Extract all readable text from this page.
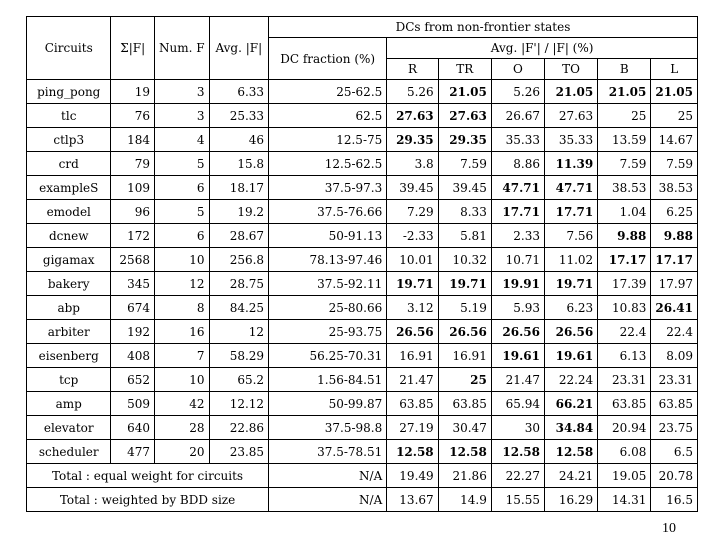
Circuits	Σ|F|	Num. F	Avg. |F|	DCs from non-frontier states						
				DC fraction (%)	Avg. |F'| / |F| (%)					
					R	TR	O	TO	B	L
ping_pong	19	3	6.33	25-62.5	5.26	21.05	5.26	21.05	21.05	21.05
tlc	76	3	25.33	62.5	27.63	27.63	26.67	27.63	25	25
ctlp3	184	4	46	12.5-75	29.35	29.35	35.33	35.33	13.59	14.67
crd	79	5	15.8	12.5-62.5	3.8	7.59	8.86	11.39	7.59	7.59
exampleS	109	6	18.17	37.5-97.3	39.45	39.45	47.71	47.71	38.53	38.53
emodel	96	5	19.2	37.5-76.66	7.29	8.33	17.71	17.71	1.04	6.25
dcnew	172	6	28.67	50-91.13	-2.33	5.81	2.33	7.56	9.88	9.88
gigamax	2568	10	256.8	78.13-97.46	10.01	10.32	10.71	11.02	17.17	17.17
bakery	345	12	28.75	37.5-92.11	19.71	19.71	19.91	19.71	17.39	17.97
abp	674	8	84.25	25-80.66	3.12	5.19	5.93	6.23	10.83	26.41
arbiter	192	16	12	25-93.75	26.56	26.56	26.56	26.56	22.4	22.4
eisenberg	408	7	58.29	56.25-70.31	16.91	16.91	19.61	19.61	6.13	8.09
tcp	652	10	65.2	1.56-84.51	21.47	25	21.47	22.24	23.31	23.31
amp	509	42	12.12	50-99.87	63.85	63.85	65.94	66.21	63.85	63.85
elevator	640	28	22.86	37.5-98.8	27.19	30.47	30	34.84	20.94	23.75
scheduler	477	20	23.85	37.5-78.51	12.58	12.58	12.58	12.58	6.08	6.5
Total : equal weight for circuits				N/A	19.49	21.86	22.27	24.21	19.05	20.78
Total : weighted by BDD size				N/A	13.67	14.9	15.55	16.29	14.31	16.5
10
